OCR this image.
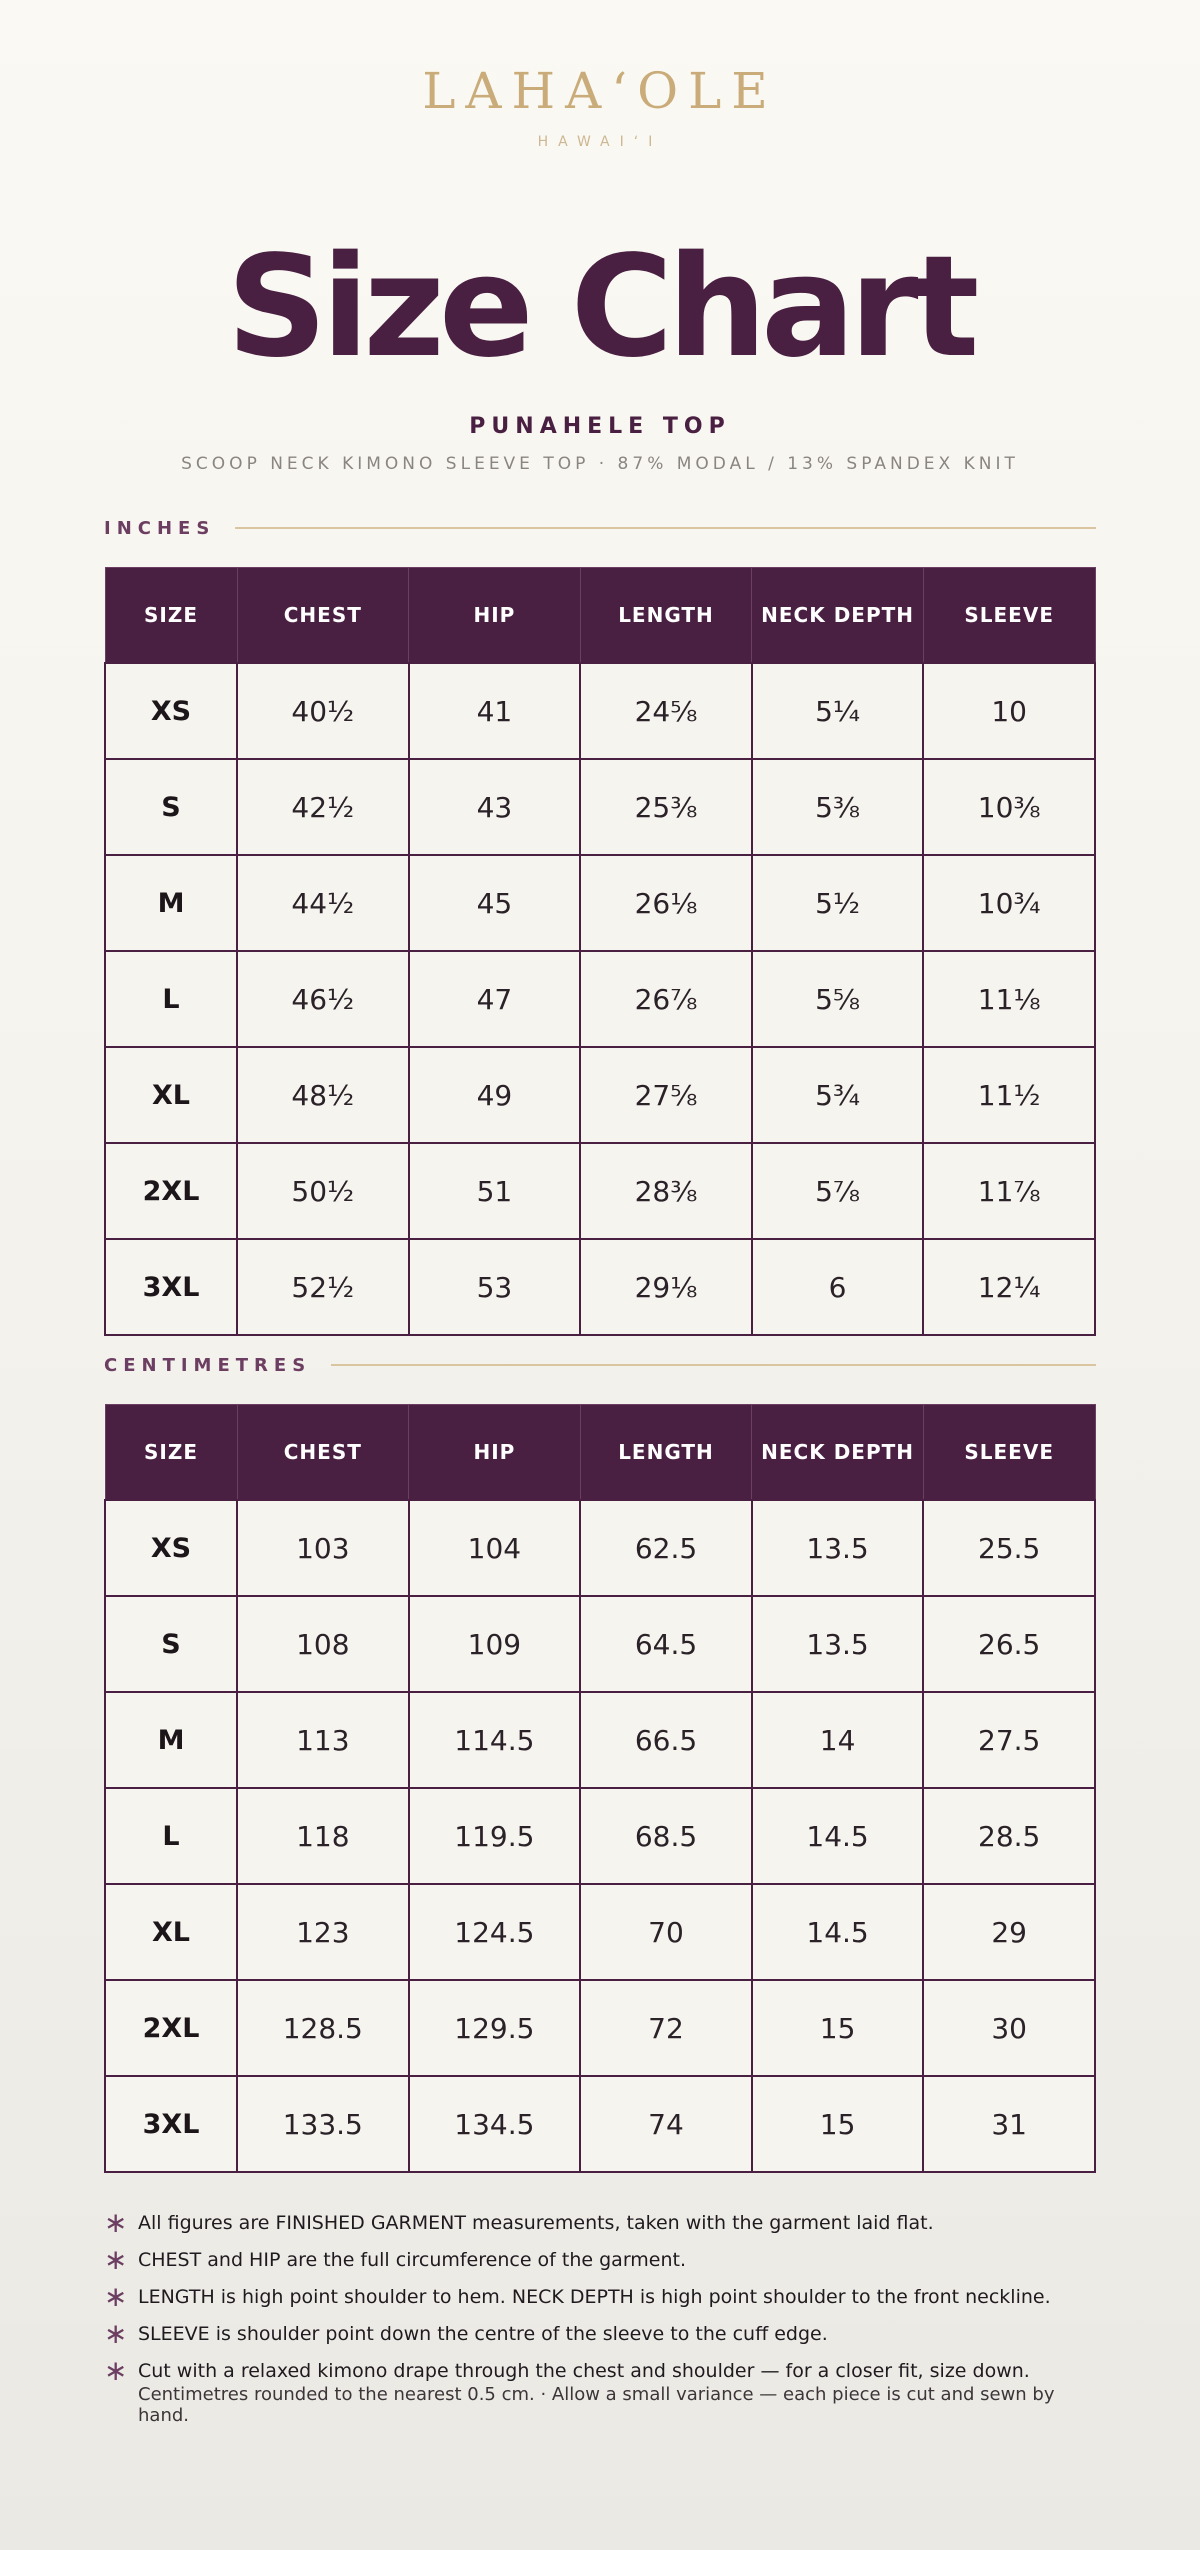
LAHAʻOLE
HAWAIʻI
Size Chart
PUNAHELE TOP
SCOOP NECK KIMONO SLEEVE TOP · 87% MODAL / 13% SPANDEX KNIT
INCHES
SIZE	CHEST	HIP	LENGTH	NECK DEPTH	SLEEVE
XS	40½	41	24⅝	5¼	10
S	42½	43	25⅜	5⅜	10⅜
M	44½	45	26⅛	5½	10¾
L	46½	47	26⅞	5⅝	11⅛
XL	48½	49	27⅝	5¾	11½
2XL	50½	51	28⅜	5⅞	11⅞
3XL	52½	53	29⅛	6	12¼
CENTIMETRES
SIZE	CHEST	HIP	LENGTH	NECK DEPTH	SLEEVE
XS	103	104	62.5	13.5	25.5
S	108	109	64.5	13.5	26.5
M	113	114.5	66.5	14	27.5
L	118	119.5	68.5	14.5	28.5
XL	123	124.5	70	14.5	29
2XL	128.5	129.5	72	15	30
3XL	133.5	134.5	74	15	31
∗ All figures are FINISHED GARMENT measurements, taken with the garment laid flat.
∗ CHEST and HIP are the full circumference of the garment.
∗ LENGTH is high point shoulder to hem. NECK DEPTH is high point shoulder to the front neckline.
∗ SLEEVE is shoulder point down the centre of the sleeve to the cuff edge.
∗ Cut with a relaxed kimono drape through the chest and shoulder — for a closer fit, size down.
Centimetres rounded to the nearest 0.5 cm. · Allow a small variance — each piece is cut and sewn by hand.
